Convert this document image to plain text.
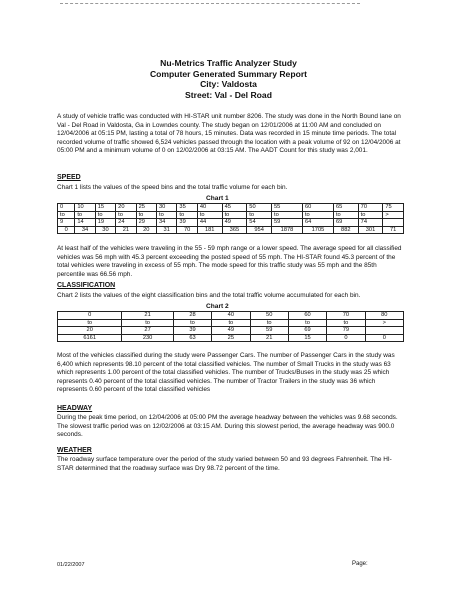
Nu-Metrics Traffic Analyzer Study
Computer Generated Summary Report
City: Valdosta
Street: Val - Del Road
A study of vehicle traffic was conducted with HI-STAR unit number 8206. The study was done in the North Bound lane on Val - Del Road in Valdosta, Ga in Lowndes county. The study began on 12/01/2006 at 11:00 AM and concluded on 12/04/2006 at 05:15 PM, lasting a total of 78 hours, 15 minutes. Data was recorded in 15 minute time periods. The total recorded volume of traffic showed 6,524 vehicles passed through the location with a peak volume of 92 on 12/04/2006 at 05:00 PM and a minimum volume of 0 on 12/02/2006 at 03:15 AM. The AADT Count for this study was 2,001.
SPEED
Chart 1 lists the values of the speed bins and the total traffic volume for each bin.
Chart 1
0	10	15	20	25	30	35	40	45	50	55	60	65	70	75
to	to	to	to	to	to	to	to	to	to	to	to	to	to	>
9	14	19	24	29	34	39	44	49	54	59	64	69	74	
0	34	30	21	20	31	70	181	365	954	1878	1705	882	301	71
At least half of the vehicles were traveling in the 55 - 59 mph range or a lower speed. The average speed for all classified vehicles was 56 mph with 45.3 percent exceeding the posted speed of 55 mph. The HI-STAR found 45.3 percent of the total vehicles were traveling in excess of 55 mph. The mode speed for this traffic study was 55 mph and the 85th percentile was 66.56 mph.
CLASSIFICATION
Chart 2 lists the values of the eight classification bins and the total traffic volume accumulated for each bin.
Chart 2
0	21	28	40	50	60	70	80
to	to	to	to	to	to	to	>
20	27	39	49	59	69	79	
6161	230	63	25	21	15	0	0
Most of the vehicles classified during the study were Passenger Cars. The number of Passenger Cars in the study was 6,400 which represents 98.10 percent of the total classified vehicles. The number of Small Trucks in the study was 63 which represents 1.00 percent of the total classified vehicles. The number of Trucks/Buses in the study was 25 which represents 0.40 percent of the total classified vehicles. The number of Tractor Trailers in the study was 36 which represents 0.60 percent of the total classified vehicles
HEADWAY
During the peak time period, on 12/04/2006 at 05:00 PM the average headway between the vehicles was 9.68 seconds. The slowest traffic period was on 12/02/2006 at 03:15 AM. During this slowest period, the average headway was 900.0 seconds.
WEATHER
The roadway surface temperature over the period of the study varied between 50 and 93 degrees Fahrenheit. The HI-STAR determined that the roadway surface was Dry 98.72 percent of the time.
01/22/2007	Page:
